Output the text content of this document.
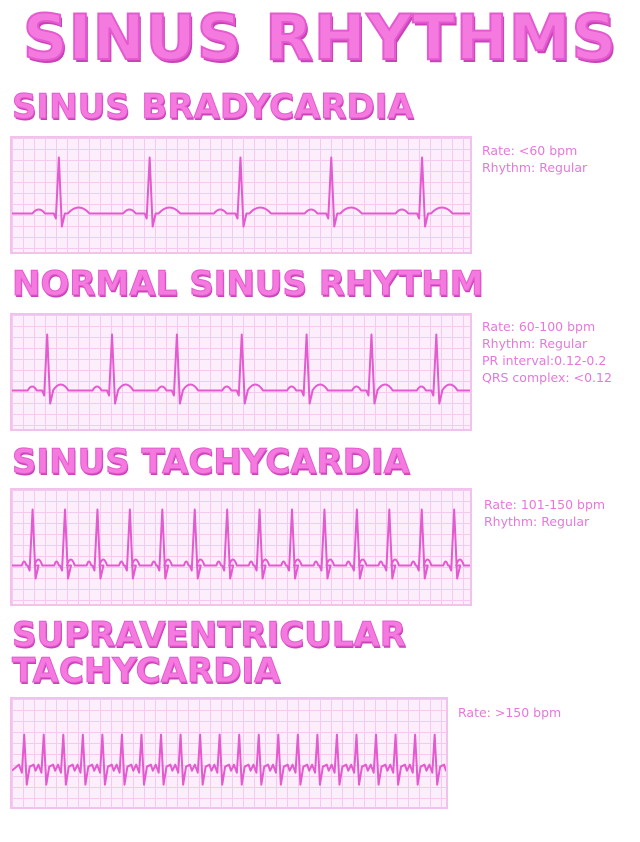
SINUS RHYTHMS
SINUS BRADYCARDIA
Rate: <60 bpm
Rhythm: Regular
NORMAL SINUS RHYTHM
Rate: 60-100 bpm
Rhythm: Regular
PR interval:0.12-0.2
QRS complex: <0.12
SINUS TACHYCARDIA
Rate: 101-150 bpm
Rhythm: Regular
SUPRAVENTRICULAR
TACHYCARDIA
Rate: >150 bpm
